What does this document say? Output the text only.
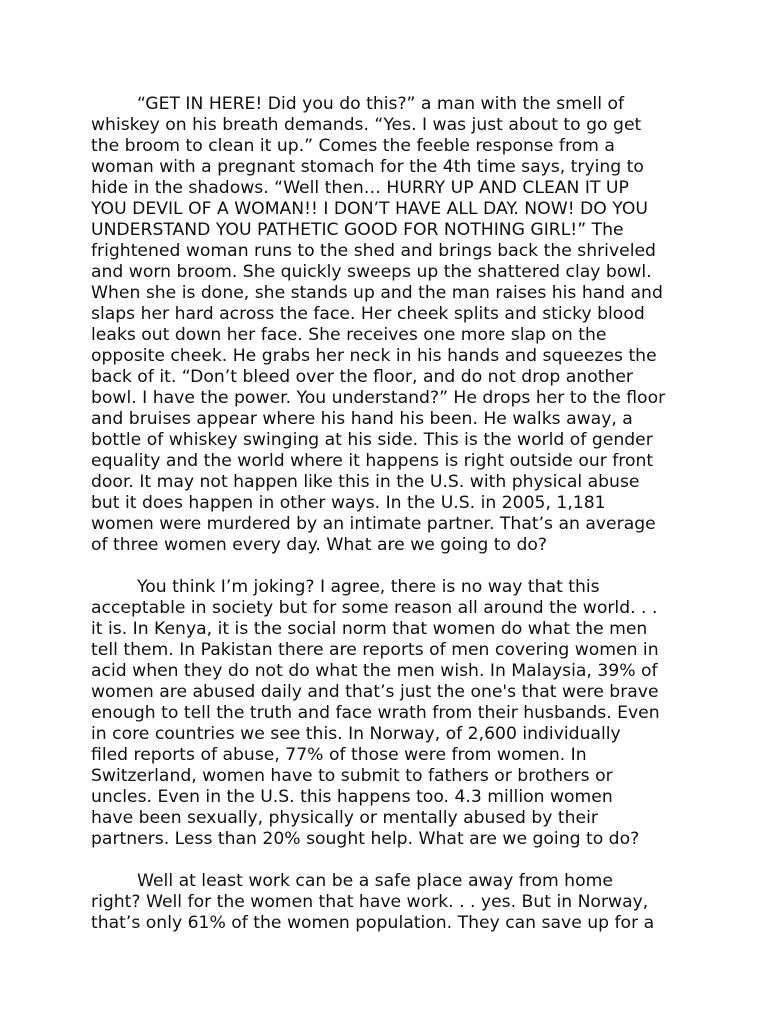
“GET IN HERE! Did you do this?” a man with the smell of
whiskey on his breath demands. “Yes. I was just about to go get
the broom to clean it up.” Comes the feeble response from a
woman with a pregnant stomach for the 4th time says, trying to
hide in the shadows. “Well then… HURRY UP AND CLEAN IT UP
YOU DEVIL OF A WOMAN!! I DON’T HAVE ALL DAY. NOW! DO YOU
UNDERSTAND YOU PATHETIC GOOD FOR NOTHING GIRL!” The
frightened woman runs to the shed and brings back the shriveled
and worn broom. She quickly sweeps up the shattered clay bowl.
When she is done, she stands up and the man raises his hand and
slaps her hard across the face. Her cheek splits and sticky blood
leaks out down her face. She receives one more slap on the
opposite cheek. He grabs her neck in his hands and squeezes the
back of it. “Don’t bleed over the floor, and do not drop another
bowl. I have the power. You understand?” He drops her to the floor
and bruises appear where his hand his been. He walks away, a
bottle of whiskey swinging at his side. This is the world of gender
equality and the world where it happens is right outside our front
door. It may not happen like this in the U.S. with physical abuse
but it does happen in other ways. In the U.S. in 2005, 1,181
women were murdered by an intimate partner. That’s an average
of three women every day. What are we going to do?

You think I’m joking? I agree, there is no way that this
acceptable in society but for some reason all around the world. . .
it is. In Kenya, it is the social norm that women do what the men
tell them. In Pakistan there are reports of men covering women in
acid when they do not do what the men wish. In Malaysia, 39% of
women are abused daily and that’s just the one's that were brave
enough to tell the truth and face wrath from their husbands. Even
in core countries we see this. In Norway, of 2,600 individually
filed reports of abuse, 77% of those were from women. In
Switzerland, women have to submit to fathers or brothers or
uncles. Even in the U.S. this happens too. 4.3 million women
have been sexually, physically or mentally abused by their
partners. Less than 20% sought help. What are we going to do?

Well at least work can be a safe place away from home
right? Well for the women that have work. . . yes. But in Norway,
that’s only 61% of the women population. They can save up for a
